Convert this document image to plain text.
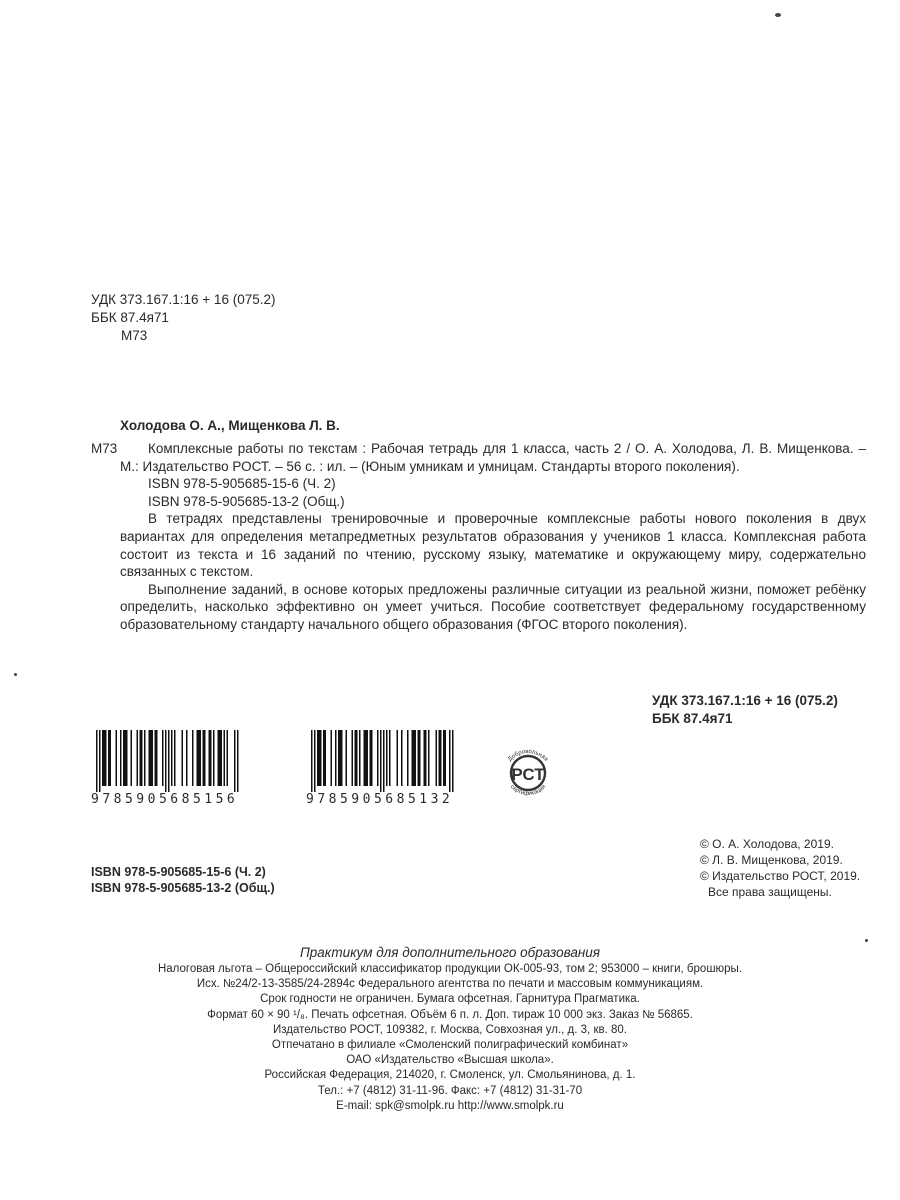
УДК 373.167.1:16 + 16 (075.2)
ББК 87.4я71
М73
Холодова О. А., Мищенкова Л. В.
М73	Комплексные работы по текстам : Рабочая тетрадь для 1 класса, часть 2 / О. А. Холодова, Л. В. Мищенкова. – М.: Издательство РОСТ. – 56 с. : ил. – (Юным умникам и умницам. Стандарты второго поколения).

ISBN 978-5-905685-15-6 (Ч. 2)

ISBN 978-5-905685-13-2 (Общ.)

В тетрадях представлены тренировочные и проверочные комплексные работы нового поколения в двух вариантах для определения метапредметных результатов образования у учеников 1 класса. Комплексная работа состоит из текста и 16 заданий по чтению, русскому языку, математике и окружающему миру, содержательно связанных с текстом.

Выполнение заданий, в основе которых предложены различные ситуации из реальной жизни, поможет ребёнку определить, насколько эффективно он умеет учиться. Пособие соответствует федеральному государственному образовательному стандарту начального общего образования (ФГОС второго поколения).

УДК 373.167.1:16 + 16 (075.2)
ББК 87.4я71
9785905685156	9785905685132
Добровольная
сертификация
РСТ
© О. А. Холодова, 2019.
© Л. В. Мищенкова, 2019.
© Издательство РОСТ, 2019.
Все права защищены.
ISBN 978-5-905685-15-6 (Ч. 2)
ISBN 978-5-905685-13-2 (Общ.)
Практикум для дополнительного образования
Налоговая льгота – Общероссийский классификатор продукции ОК-005-93, том 2; 953000 – книги, брошюры.
Исх. №24/2-13-3585/24-2894с Федерального агентства по печати и массовым коммуникациям.
Срок годности не ограничен. Бумага офсетная. Гарнитура Прагматика.
Формат 60 × 90 ¹/₈. Печать офсетная. Объём 6 п. л. Доп. тираж 10 000 экз. Заказ № 56865.
Издательство РОСТ, 109382, г. Москва, Совхозная ул., д. 3, кв. 80.
Отпечатано в филиале «Смоленский полиграфический комбинат»
ОАО «Издательство «Высшая школа».
Российская Федерация, 214020, г. Смоленск, ул. Смольянинова, д. 1.
Тел.: +7 (4812) 31-11-96. Факс: +7 (4812) 31-31-70
E-mail: spk@smolpk.ru http://www.smolpk.ru
